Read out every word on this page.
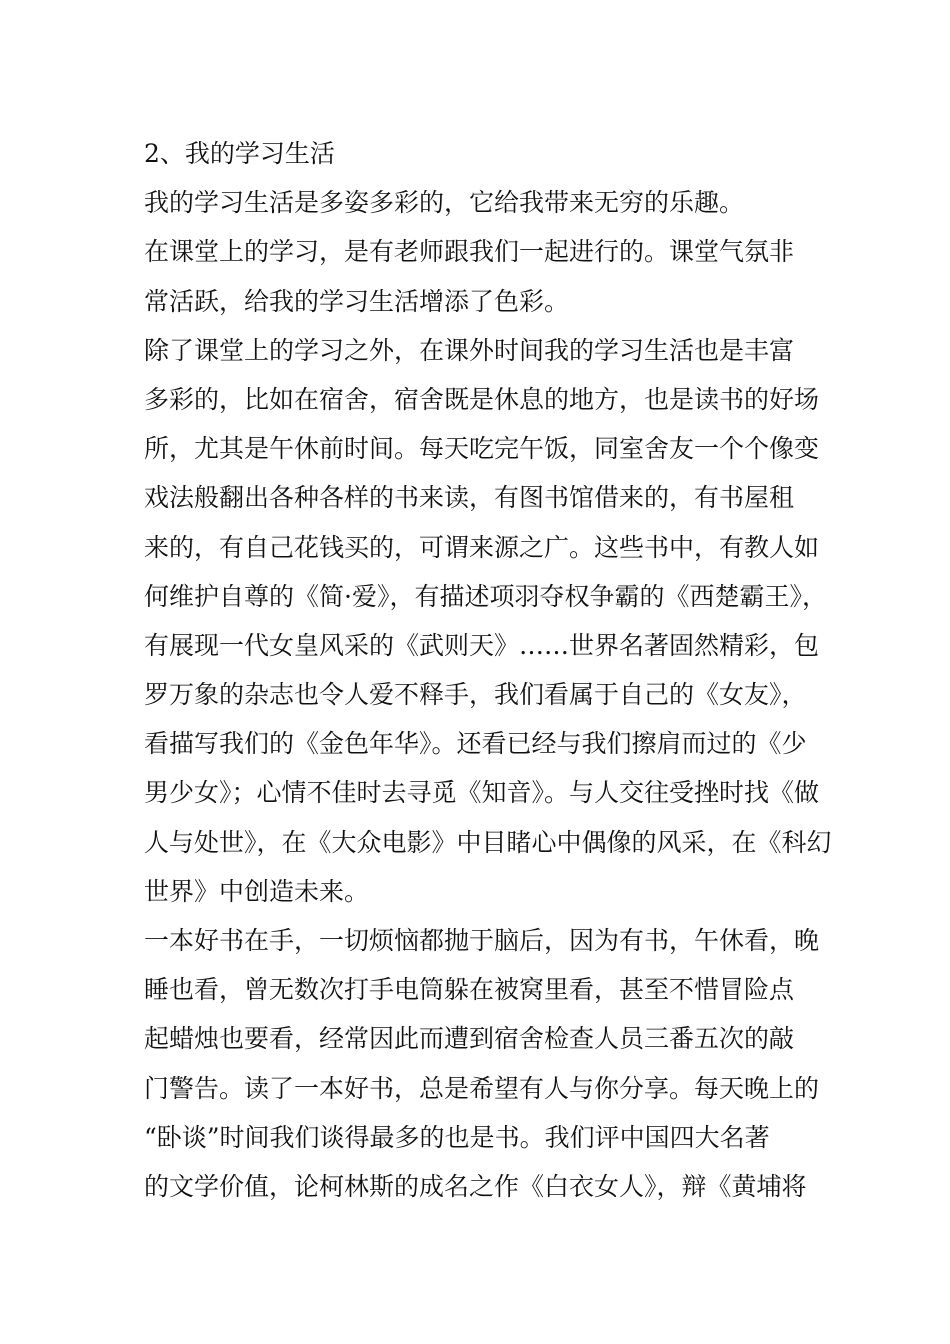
2、我的学习生活
我的学习生活是多姿多彩的，它给我带来无穷的乐趣。
在课堂上的学习，是有老师跟我们一起进行的。课堂气氛非
常活跃，给我的学习生活增添了色彩。
除了课堂上的学习之外，在课外时间我的学习生活也是丰富
多彩的，比如在宿舍，宿舍既是休息的地方，也是读书的好场
所，尤其是午休前时间。每天吃完午饭，同室舍友一个个像变
戏法般翻出各种各样的书来读，有图书馆借来的，有书屋租
来的，有自己花钱买的，可谓来源之广。这些书中，有教人如
何维护自尊的《简·爱》，有描述项羽夺权争霸的《西楚霸王》，
有展现一代女皇风采的《武则天》……世界名著固然精彩，包
罗万象的杂志也令人爱不释手，我们看属于自己的《女友》，
看描写我们的《金色年华》。还看已经与我们擦肩而过的《少
男少女》；心情不佳时去寻觅《知音》。与人交往受挫时找《做
人与处世》，在《大众电影》中目睹心中偶像的风采，在《科幻
世界》中创造未来。
一本好书在手，一切烦恼都抛于脑后，因为有书，午休看，晚
睡也看，曾无数次打手电筒躲在被窝里看，甚至不惜冒险点
起蜡烛也要看，经常因此而遭到宿舍检查人员三番五次的敲
门警告。读了一本好书，总是希望有人与你分享。每天晚上的
“卧谈”时间我们谈得最多的也是书。我们评中国四大名著
的文学价值，论柯林斯的成名之作《白衣女人》，辩《黄埔将
